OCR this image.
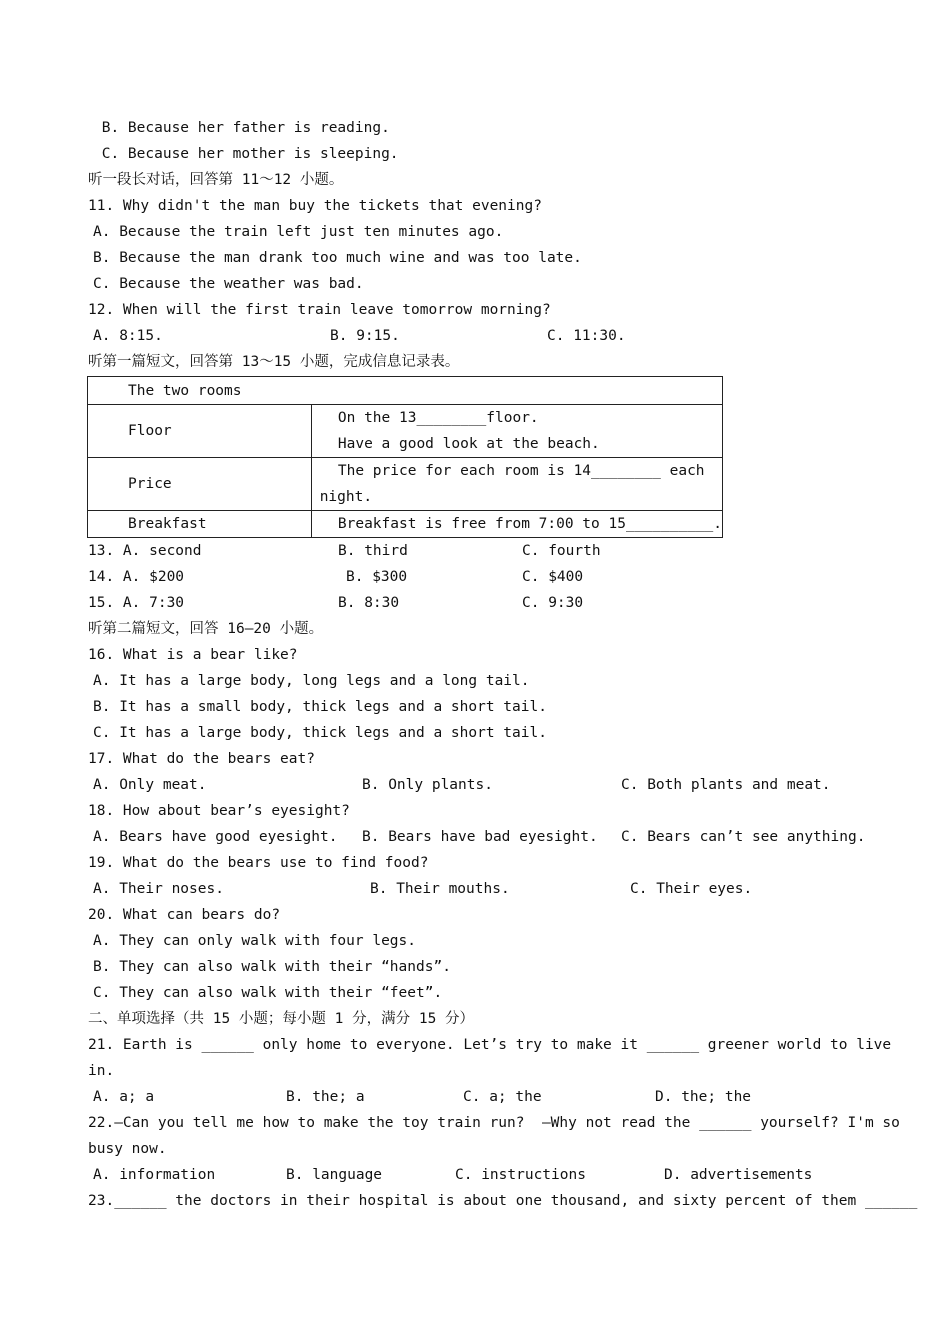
B. Because her father is reading.
C. Because her mother is sleeping.
听一段长对话，回答第 11～12 小题。
11. Why didn't the man buy the tickets that evening?
A. Because the train left just ten minutes ago.
B. Because the man drank too much wine and was too late.
C. Because the weather was bad.
12. When will the first train leave tomorrow morning?
A. 8:15.	B. 9:15.	C. 11:30.
听第一篇短文，回答第 13～15 小题，完成信息记录表。
The two rooms	
Floor	On the 13________floor.
Have a good look at the beach.

Price	The price for each room is 14________ each
night.

Breakfast	Breakfast is free from 7:00 to 15__________.
13. A. second	B. third	C. fourth
14. A. $200	B. $300	C. $400
15. A. 7:30	B. 8:30	C. 9:30
听第二篇短文，回答 16—20 小题。
16. What is a bear like?
A. It has a large body, long legs and a long tail.
B. It has a small body, thick legs and a short tail.
C. It has a large body, thick legs and a short tail.
17. What do the bears eat?
A. Only meat.	B. Only plants.	C. Both plants and meat.
18. How about bear’s eyesight?
A. Bears have good eyesight. B. Bears have bad eyesight. C. Bears can’t see anything.
19. What do the bears use to find food?
A. Their noses.	B. Their mouths.	C. Their eyes.
20. What can bears do?
A. They can only walk with four legs.
B. They can also walk with their “hands”.
C. They can also walk with their “feet”.
二、单项选择（共 15 小题；每小题 1 分，满分 15 分）
21. Earth is ______ only home to everyone. Let’s try to make it ______ greener world to live
in.
A. a; a	B. the; a	C. a; the	D. the; the
22.—Can you tell me how to make the toy train run?  —Why not read the ______ yourself? I'm so
busy now.
A. information	B. language	C. instructions	D. advertisements
23.______ the doctors in their hospital is about one thousand, and sixty percent of them ______
